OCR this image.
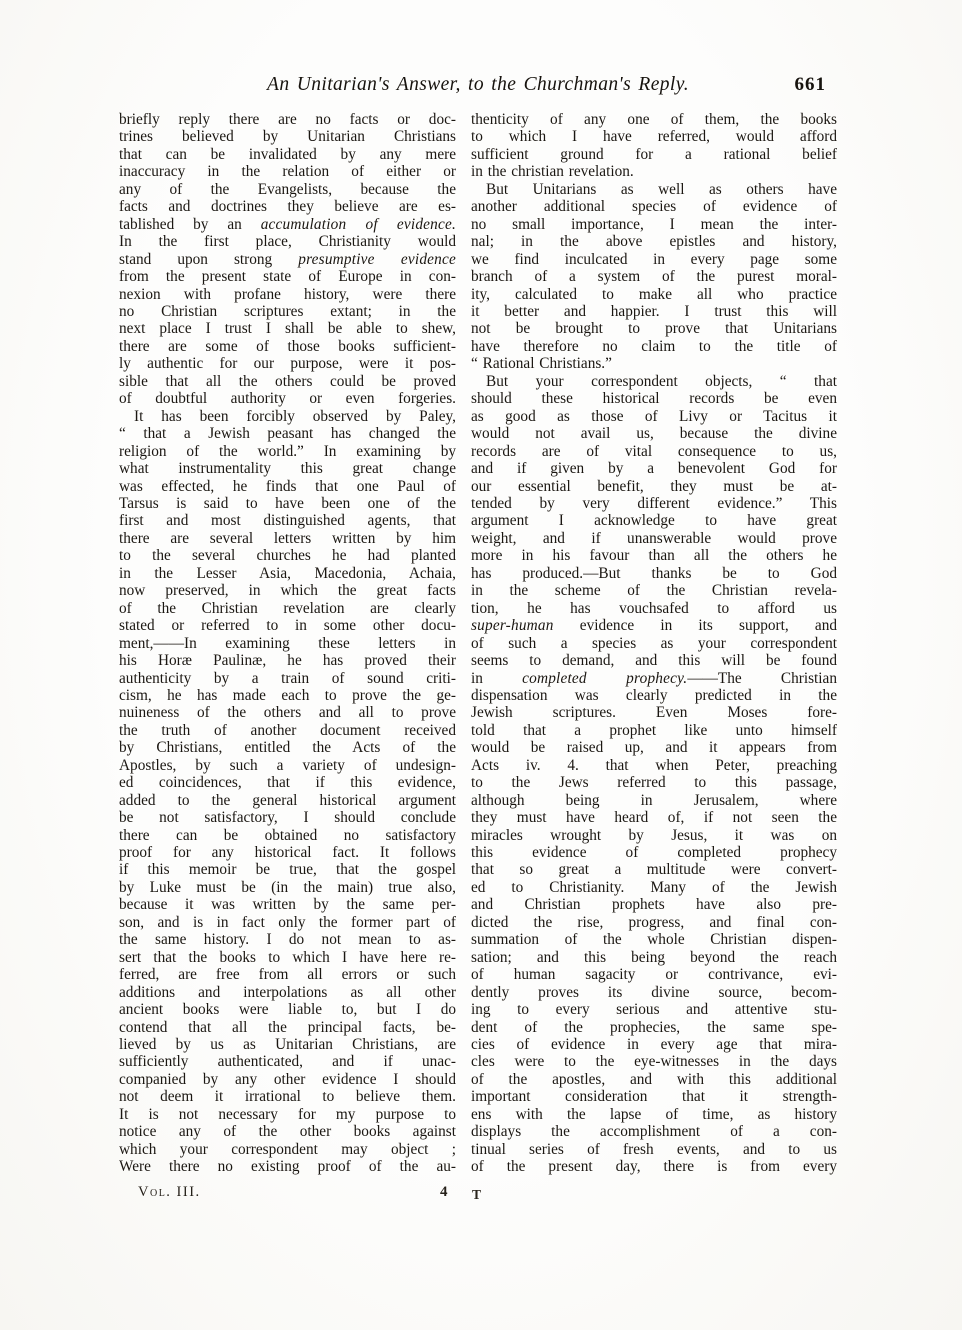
An Unitarian's Answer, to the Churchman's Reply.	661
briefly reply there are no facts or doc-
trines believed by Unitarian Christians
that can be invalidated by any mere
inaccuracy in the relation of either or
any of the Evangelists, because the
facts and doctrines they believe are es-
tablished by an accumulation of evidence.
In the first place, Christianity would
stand upon strong presumptive evidence
from the present state of Europe in con-
nexion with profane history, were there
no Christian scriptures extant; in the
next place I trust I shall be able to shew,
there are some of those books sufficient-
ly authentic for our purpose, were it pos-
sible that all the others could be proved
of doubtful authority or even forgeries.
It has been forcibly observed by Paley,
“ that a Jewish peasant has changed the
religion of the world.” In examining by
what instrumentality this great change
was effected, he finds that one Paul of
Tarsus is said to have been one of the
first and most distinguished agents, that
there are several letters written by him
to the several churches he had planted
in the Lesser Asia, Macedonia, Achaia,
now preserved, in which the great facts
of the Christian revelation are clearly
stated or referred to in some other docu-
ment,——In examining these letters in
his Horæ Paulinæ, he has proved their
authenticity by a train of sound criti-
cism, he has made each to prove the ge-
nuineness of the others and all to prove
the truth of another document received
by Christians, entitled the Acts of the
Apostles, by such a variety of undesign-
ed coincidences, that if this evidence,
added to the general historical argument
be not satisfactory, I should conclude
there can be obtained no satisfactory
proof for any historical fact. It follows
if this memoir be true, that the gospel
by Luke must be (in the main) true also,
because it was written by the same per-
son, and is in fact only the former part of
the same history. I do not mean to as-
sert that the books to which I have here re-
ferred, are free from all errors or such
additions and interpolations as all other
ancient books were liable to, but I do
contend that all the principal facts, be-
lieved by us as Unitarian Christians, are
sufficiently authenticated, and if unac-
companied by any other evidence I should
not deem it irrational to believe them.
It is not necessary for my purpose to
notice any of the other books against
which your correspondent may object ;
Were there no existing proof of the au-
thenticity of any one of them, the books
to which I have referred, would afford
sufficient ground for a rational belief
in the christian revelation.
But Unitarians as well as others have
another additional species of evidence of
no small importance, I mean the inter-
nal; in the above epistles and history,
we find inculcated in every page some
branch of a system of the purest moral-
ity, calculated to make all who practice
it better and happier. I trust this will
not be brought to prove that Unitarians
have therefore no claim to the title of
“ Rational Christians.”
But your correspondent objects, “ that
should these historical records be even
as good as those of Livy or Tacitus it
would not avail us, because the divine
records are of vital consequence to us,
and if given by a benevolent God for
our essential benefit, they must be at-
tended by very different evidence.” This
argument I acknowledge to have great
weight, and if unanswerable would prove
more in his favour than all the others he
has produced.—But thanks be to God
in the scheme of the Christian revela-
tion, he has vouchsafed to afford us
super-human evidence in its support, and
of such a species as your correspondent
seems to demand, and this will be found
in completed prophecy.——The Christian
dispensation was clearly predicted in the
Jewish scriptures. Even Moses fore-
told that a prophet like unto himself
would be raised up, and it appears from
Acts iv. 4. that when Peter, preaching
to the Jews referred to this passage,
although being in Jerusalem, where
they must have heard of, if not seen the
miracles wrought by Jesus, it was on
this evidence of completed prophecy
that so great a multitude were convert-
ed to Christianity. Many of the Jewish
and Christian prophets have also pre-
dicted the rise, progress, and final con-
summation of the whole Christian dispen-
sation; and this being beyond the reach
of human sagacity or contrivance, evi-
dently proves its divine source, becom-
ing to every serious and attentive stu-
dent of the prophecies, the same spe-
cies of evidence in every age that mira-
cles were to the eye-witnesses in the days
of the apostles, and with this additional
important consideration that it strength-
ens with the lapse of time, as history
displays the accomplishment of a con-
tinual series of fresh events, and to us
of the present day, there is from every
Vol. III.	4 T
